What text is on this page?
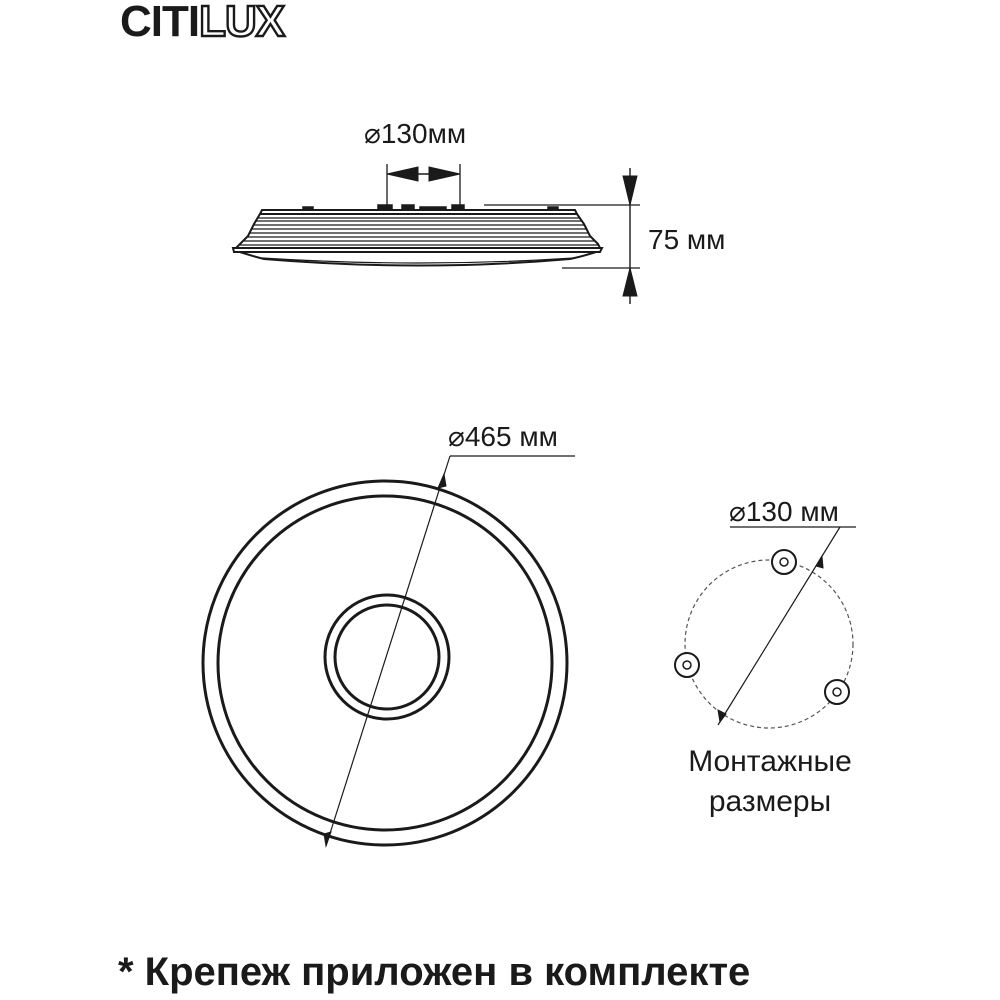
CITI LUX
⌀130мм
75 мм
⌀465 мм
⌀130 мм
Монтажные
размеры
* Крепеж приложен в комплекте
